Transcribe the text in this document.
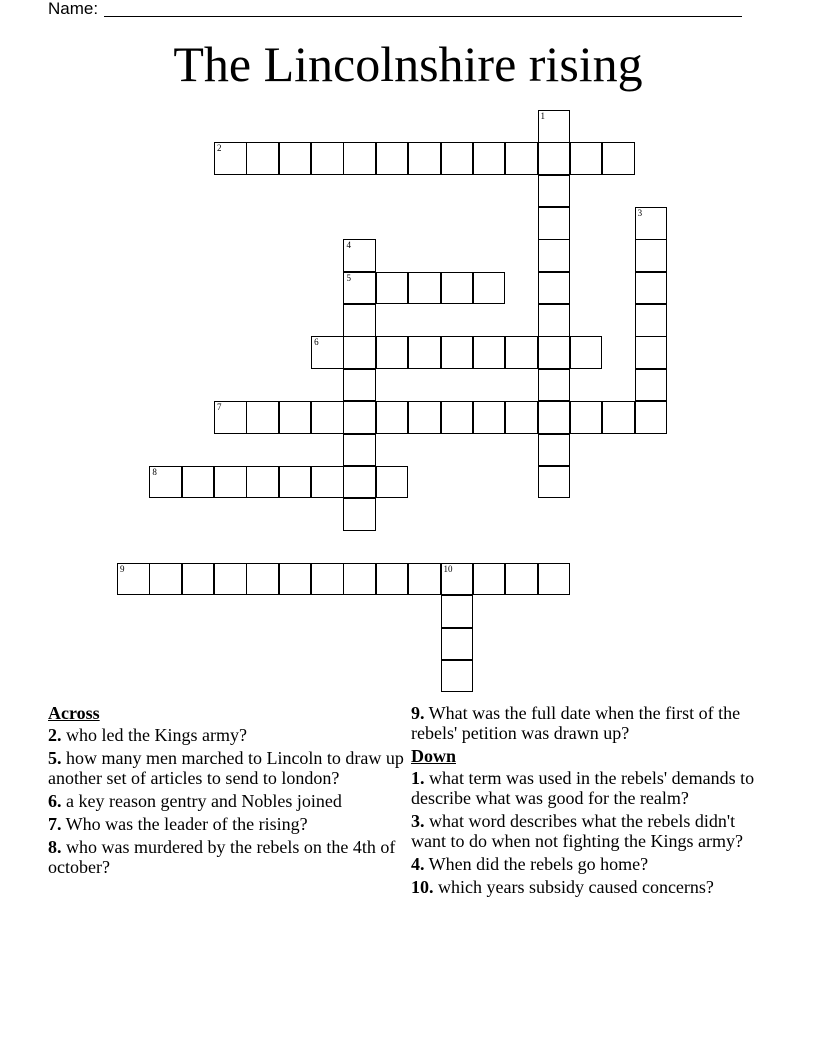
Name:
The Lincolnshire rising
1
2
3
4
5
6
7
8
9	10
Across
2. who led the Kings army?
5. how many men marched to Lincoln to draw up another set of articles to send to london?
6. a key reason gentry and Nobles joined
7. Who was the leader of the rising?
8. who was murdered by the rebels on the 4th of october?
9. What was the full date when the first of the rebels' petition was drawn up?
Down
1. what term was used in the rebels' demands to describe what was good for the realm?
3. what word describes what the rebels didn't want to do when not fighting the Kings army?
4. When did the rebels go home?
10. which years subsidy caused concerns?
